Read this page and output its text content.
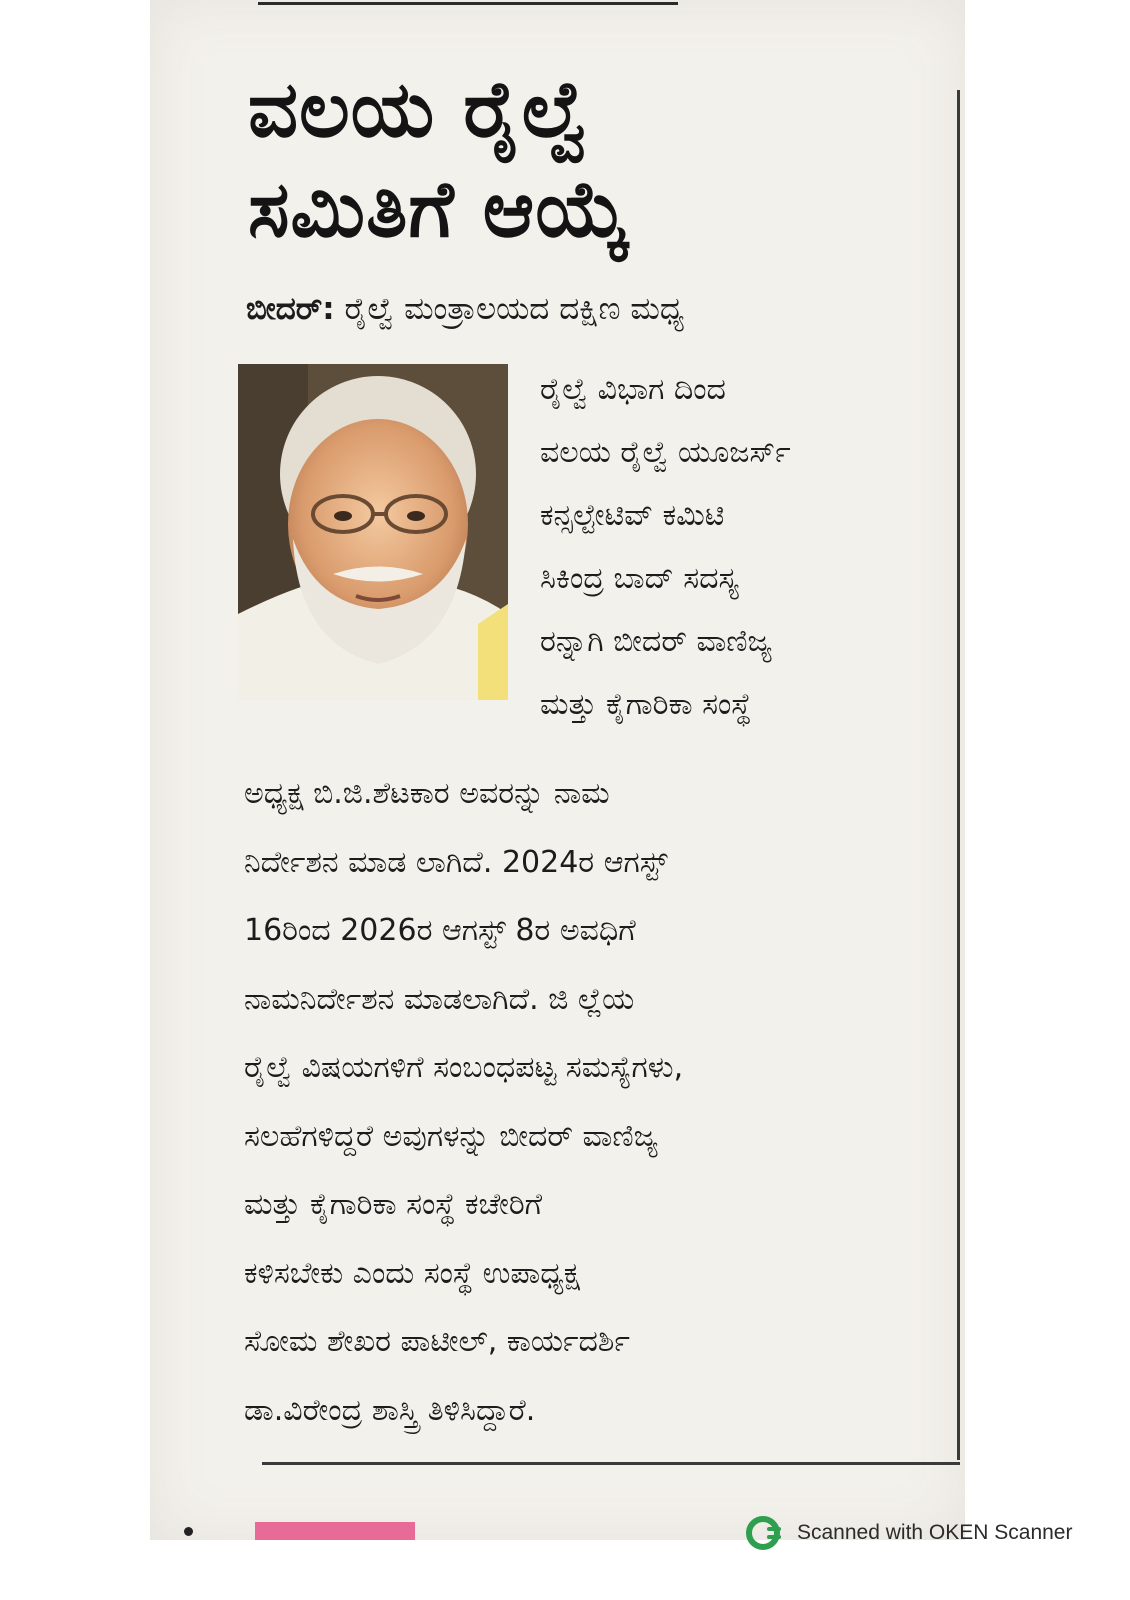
ವಲಯ ರೈಲ್ವೆ
ಸಮಿತಿಗೆ ಆಯ್ಕೆ
ಬೀದರ್: ರೈಲ್ವೆ ಮಂತ್ರಾಲಯದ ದಕ್ಷಿಣ ಮಧ್ಯ
ರೈಲ್ವೆ ವಿಭಾಗ ದಿಂದ
ವಲಯ ರೈಲ್ವೆ ಯೂಜರ್ಸ್
ಕನ್ಸಲ್ಟೇಟಿವ್ ಕಮಿಟಿ
ಸಿಕಿಂದ್ರ ಬಾದ್ ಸದಸ್ಯ
ರನ್ನಾಗಿ ಬೀದರ್ ವಾಣಿಜ್ಯ
ಮತ್ತು ಕೈಗಾರಿಕಾ ಸಂಸ್ಥೆ
ಅಧ್ಯಕ್ಷ ಬಿ.ಜಿ.ಶೆಟಕಾರ ಅವರನ್ನು ನಾಮ
ನಿರ್ದೇಶನ ಮಾಡ ಲಾಗಿದೆ. 2024ರ ಆಗಸ್ಟ್
16ರಿಂದ 2026ರ ಆಗಸ್ಟ್ 8ರ ಅವಧಿಗೆ
ನಾಮನಿರ್ದೇಶನ ಮಾಡಲಾಗಿದೆ. ಜಿ ಲ್ಲೆಯ
ರೈಲ್ವೆ ವಿಷಯಗಳಿಗೆ ಸಂಬಂಧಪಟ್ಟ ಸಮಸ್ಯೆಗಳು,
ಸಲಹೆಗಳಿದ್ದರೆ ಅವುಗಳನ್ನು ಬೀದರ್ ವಾಣಿಜ್ಯ
ಮತ್ತು ಕೈಗಾರಿಕಾ ಸಂಸ್ಥೆ ಕಚೇರಿಗೆ
ಕಳಿಸಬೇಕು ಎಂದು ಸಂಸ್ಥೆ ಉಪಾಧ್ಯಕ್ಷ
ಸೋಮ ಶೇಖರ ಪಾಟೀಲ್, ಕಾರ್ಯದರ್ಶಿ
ಡಾ.ವಿರೇಂದ್ರ ಶಾಸ್ತ್ರಿ ತಿಳಿಸಿದ್ದಾರೆ.
Scanned with OKEN Scanner
